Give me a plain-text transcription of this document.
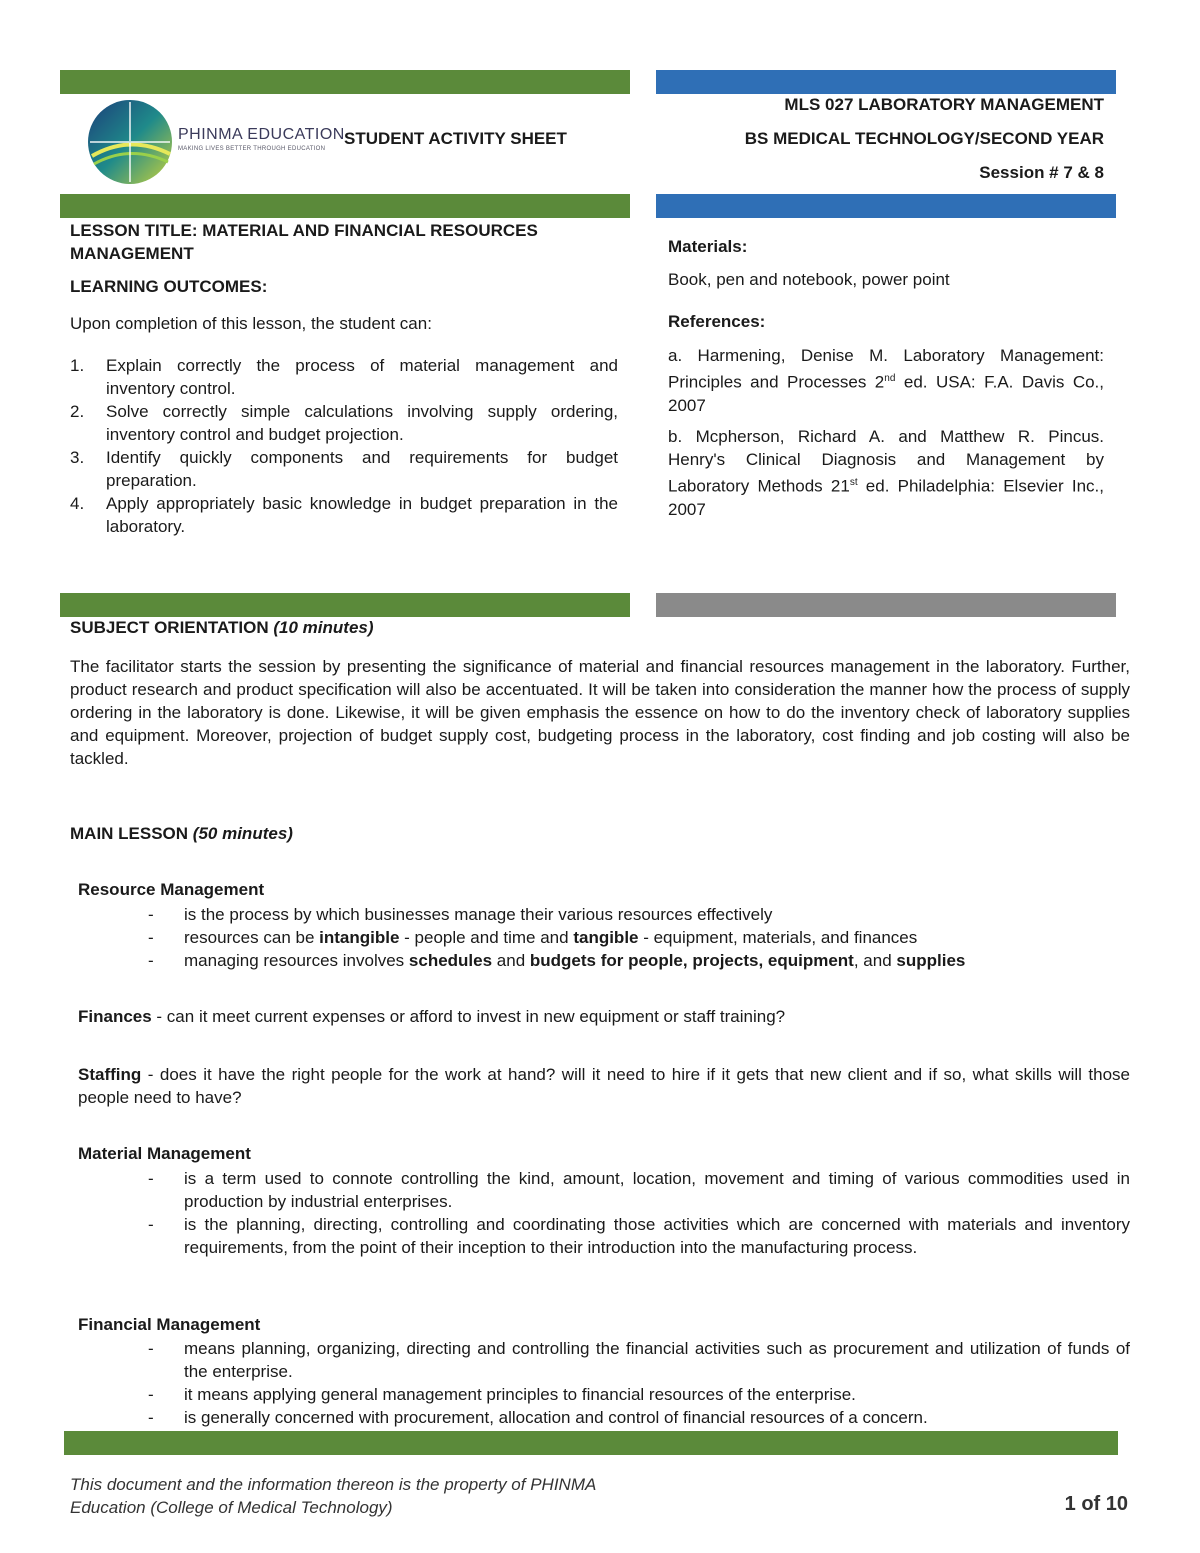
PHINMA EDUCATION
MAKING LIVES BETTER THROUGH EDUCATION
STUDENT ACTIVITY SHEET
MLS 027 LABORATORY MANAGEMENT
BS MEDICAL TECHNOLOGY/SECOND YEAR
Session # 7 & 8
LESSON TITLE: MATERIAL AND FINANCIAL RESOURCES MANAGEMENT
LEARNING OUTCOMES:
Upon completion of this lesson, the student can:
1. Explain correctly the process of material management and inventory control.
2. Solve correctly simple calculations involving supply ordering, inventory control and budget projection.
3. Identify quickly components and requirements for budget preparation.
4. Apply appropriately basic knowledge in budget preparation in the laboratory.
Materials:
Book, pen and notebook, power point
References:
a. Harmening, Denise M. Laboratory Management: Principles and Processes 2nd ed. USA: F.A. Davis Co., 2007
b. Mcpherson, Richard A. and Matthew R. Pincus. Henry's Clinical Diagnosis and Management by Laboratory Methods 21st ed. Philadelphia: Elsevier Inc., 2007
SUBJECT ORIENTATION (10 minutes)
The facilitator starts the session by presenting the significance of material and financial resources management in the laboratory. Further, product research and product specification will also be accentuated. It will be taken into consideration the manner how the process of supply ordering in the laboratory is done. Likewise, it will be given emphasis the essence on how to do the inventory check of laboratory supplies and equipment. Moreover, projection of budget supply cost, budgeting process in the laboratory, cost finding and job costing will also be tackled.
MAIN LESSON (50 minutes)
Resource Management
- is the process by which businesses manage their various resources effectively
- resources can be intangible - people and time and tangible - equipment, materials, and finances
- managing resources involves schedules and budgets for people, projects, equipment, and supplies
Finances - can it meet current expenses or afford to invest in new equipment or staff training?
Staffing - does it have the right people for the work at hand? will it need to hire if it gets that new client and if so, what skills will those people need to have?
Material Management
- is a term used to connote controlling the kind, amount, location, movement and timing of various commodities used in production by industrial enterprises.
- is the planning, directing, controlling and coordinating those activities which are concerned with materials and inventory requirements, from the point of their inception to their introduction into the manufacturing process.
Financial Management
- means planning, organizing, directing and controlling the financial activities such as procurement and utilization of funds of the enterprise.
- it means applying general management principles to financial resources of the enterprise.
- is generally concerned with procurement, allocation and control of financial resources of a concern.
This document and the information thereon is the property of PHINMA
Education (College of Medical Technology)	1 of 10
